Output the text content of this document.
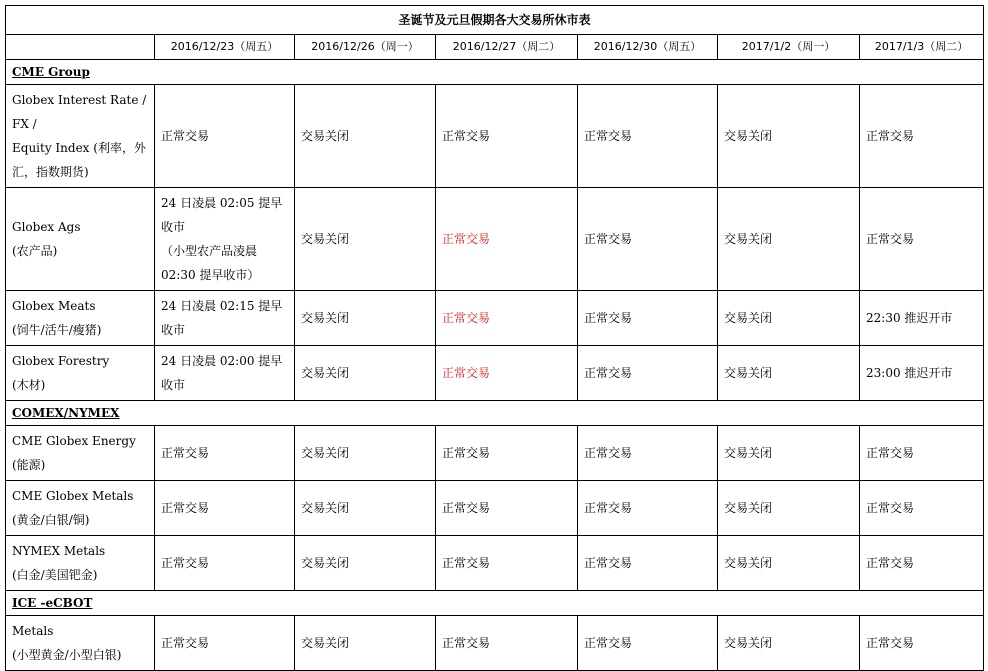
圣诞节及元旦假期各大交易所休市表						
	2016/12/23（周五）	2016/12/26（周一）	2016/12/27（周二）	2016/12/30（周五）	2017/1/2（周一）	2017/1/3（周二）
CME Group						
Globex Interest Rate /FX /
Equity Index (利率，外
汇，指数期货)	正常交易	交易关闭	正常交易	正常交易	交易关闭	正常交易
Globex Ags
(农产品)	24 日凌晨 02:05 提早
收市
（小型农产品凌晨
02:30 提早收市）	交易关闭	正常交易	正常交易	交易关闭	正常交易
Globex Meats
(饲牛/活牛/瘦猪)	24 日凌晨 02:15 提早
收市	交易关闭	正常交易	正常交易	交易关闭	22:30 推迟开市
Globex Forestry
(木材)	24 日凌晨 02:00 提早
收市	交易关闭	正常交易	正常交易	交易关闭	23:00 推迟开市
COMEX/NYMEX						
CME Globex Energy
(能源)	正常交易	交易关闭	正常交易	正常交易	交易关闭	正常交易
CME Globex Metals
(黄金/白银/铜)	正常交易	交易关闭	正常交易	正常交易	交易关闭	正常交易
NYMEX Metals
(白金/美国钯金)	正常交易	交易关闭	正常交易	正常交易	交易关闭	正常交易
ICE -eCBOT						
Metals
(小型黄金/小型白银)	正常交易	交易关闭	正常交易	正常交易	交易关闭	正常交易
